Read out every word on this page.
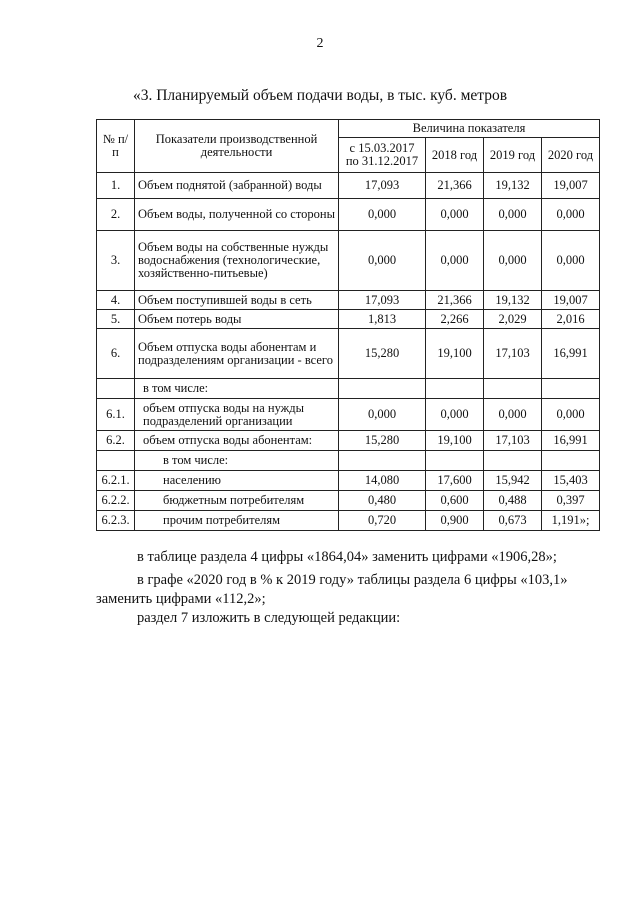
2
«3. Планируемый объем подачи воды, в тыс. куб. метров
№ п/п	Показатели производственной деятельности	Величина показателя			
		с 15.03.2017 по 31.12.2017	2018 год	2019 год	2020 год
1.	Объем поднятой (забранной) воды	17,093	21,366	19,132	19,007
2.	Объем воды, полученной со стороны	0,000	0,000	0,000	0,000
3.	Объем воды на собственные нужды водоснабжения (технологические, хозяйственно-питьевые)	0,000	0,000	0,000	0,000
4.	Объем поступившей воды в сеть	17,093	21,366	19,132	19,007
5.	Объем потерь воды	1,813	2,266	2,029	2,016
6.	Объем отпуска воды абонентам и подразделениям организации - всего	15,280	19,100	17,103	16,991
	в том числе:				
6.1.	объем отпуска воды на нужды подразделений организации	0,000	0,000	0,000	0,000
6.2.	объем отпуска воды абонентам:	15,280	19,100	17,103	16,991
	в том числе:				
6.2.1.	населению	14,080	17,600	15,942	15,403
6.2.2.	бюджетным потребителям	0,480	0,600	0,488	0,397
6.2.3.	прочим потребителям	0,720	0,900	0,673	1,191»;
в таблице раздела 4 цифры «1864,04» заменить цифрами «1906,28»;
в графе «2020 год в % к 2019 году» таблицы раздела 6 цифры «103,1»
заменить цифрами «112,2»;
раздел 7 изложить в следующей редакции:
